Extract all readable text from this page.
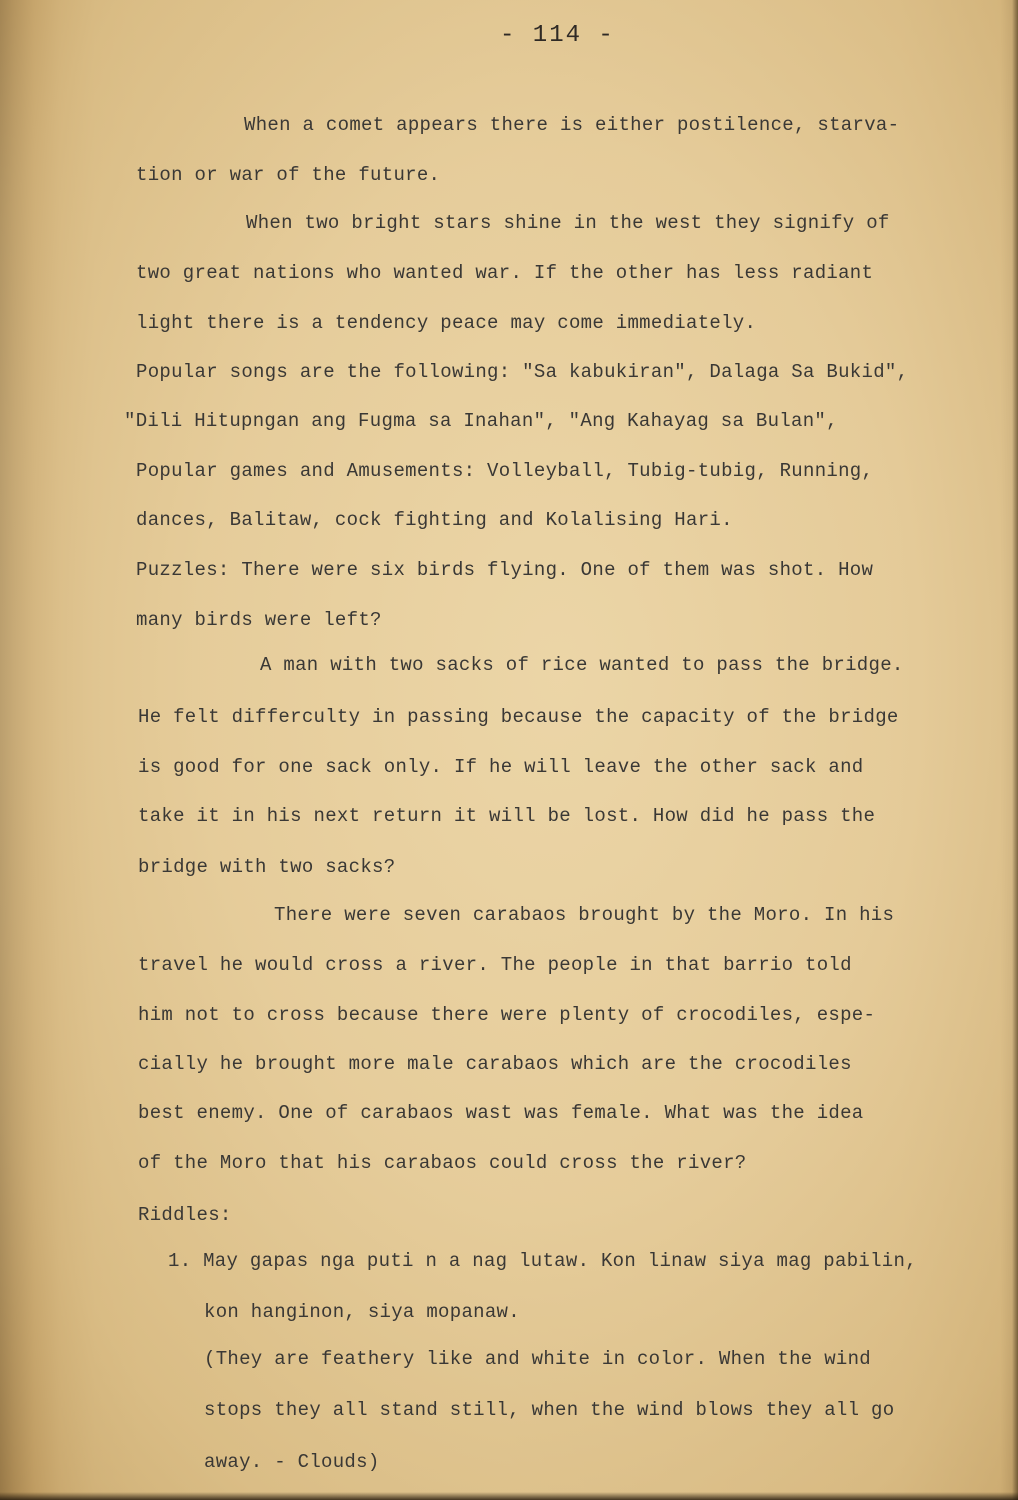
- 114 -
When a comet appears there is either postilence, starva-
tion or war of the future.
When two bright stars shine in the west they signify of
two great nations who wanted war. If the other has less radiant
light there is a tendency peace may come immediately.
Popular songs are the following: "Sa kabukiran", Dalaga Sa Bukid",
"Dili Hitupngan ang Fugma sa Inahan", "Ang Kahayag sa Bulan",
Popular games and Amusements: Volleyball, Tubig-tubig, Running,
dances, Balitaw, cock fighting and Kolalising Hari.
Puzzles: There were six birds flying. One of them was shot. How
many birds were left?
A man with two sacks of rice wanted to pass the bridge.
He felt differculty in passing because the capacity of the bridge
is good for one sack only. If he will leave the other sack and
take it in his next return it will be lost. How did he pass the
bridge with two sacks?
There were seven carabaos brought by the Moro. In his
travel he would cross a river. The people in that barrio told
him not to cross because there were plenty of crocodiles, espe-
cially he brought more male carabaos which are the crocodiles
best enemy. One of carabaos wast was female. What was the idea
of the Moro that his carabaos could cross the river?
Riddles:
1. May gapas nga puti n a nag lutaw. Kon linaw siya mag pabilin,
kon hanginon, siya mopanaw.
(They are feathery like and white in color. When the wind
stops they all stand still, when the wind blows they all go
away. - Clouds)
